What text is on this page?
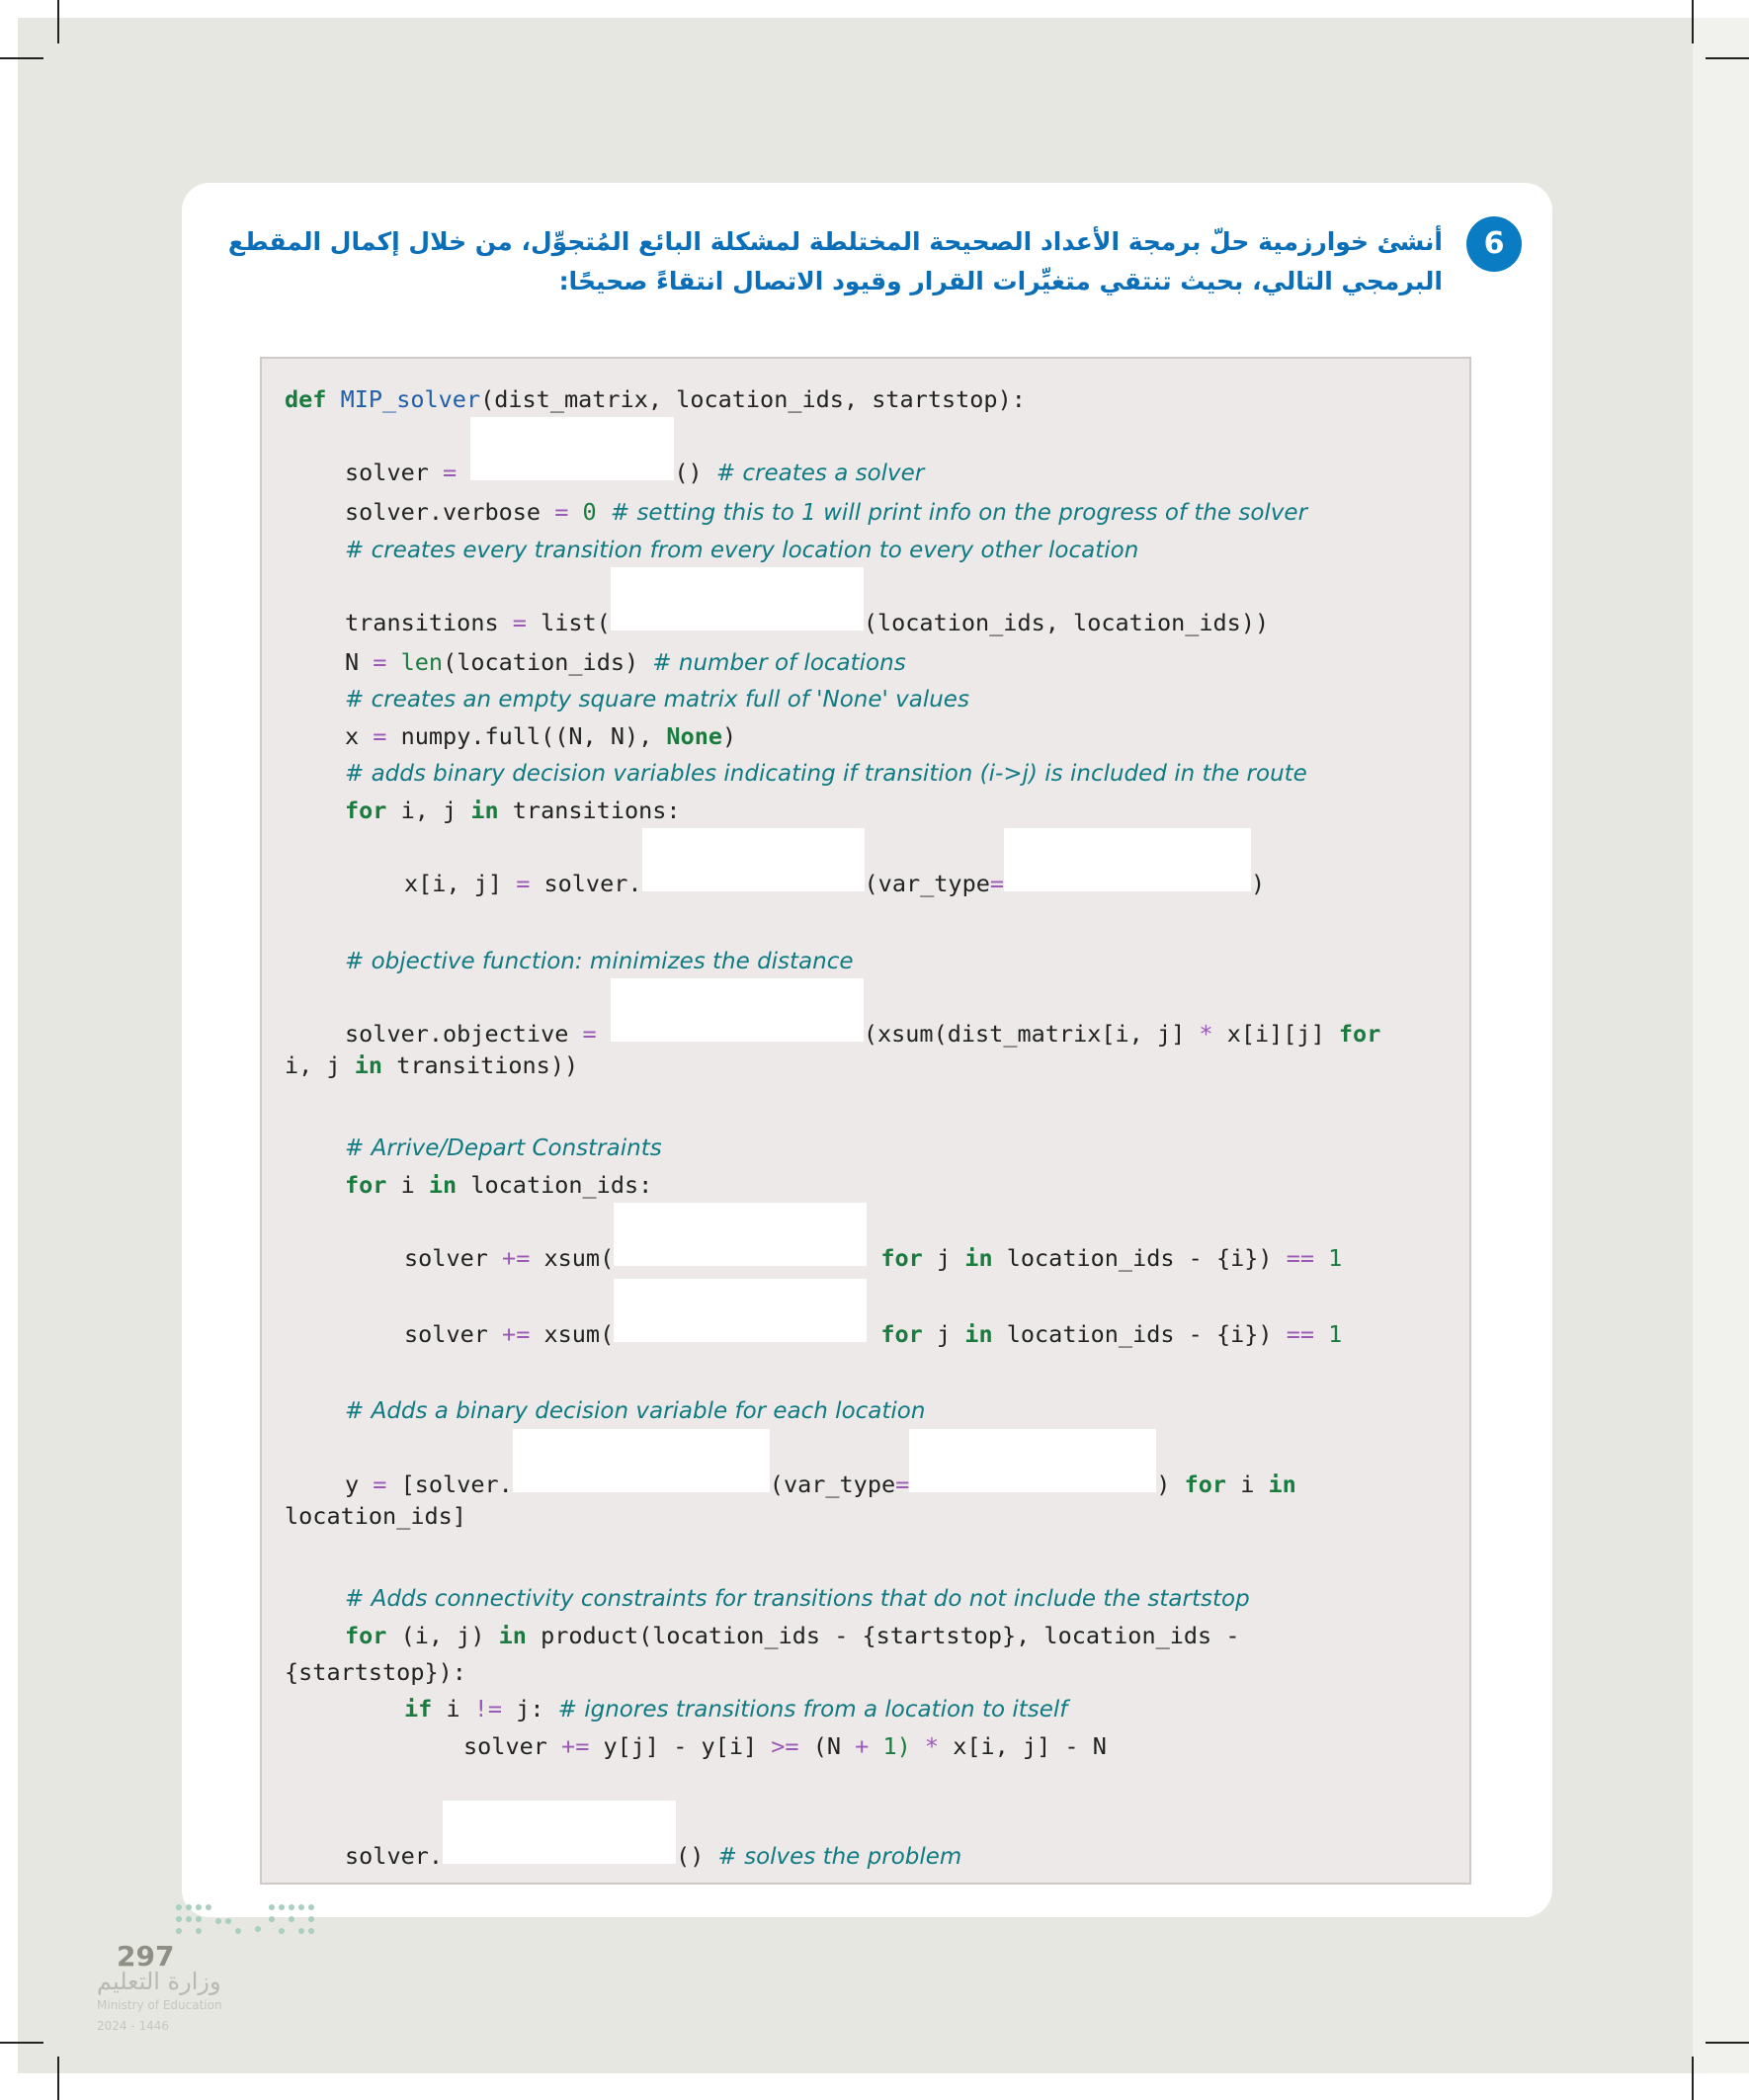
6
أنشئ خوارزمية حلّ برمجة الأعداد الصحيحة المختلطة لمشكلة البائع المُتجوِّل، من خلال إكمال المقطع البرمجي التالي، بحيث تنتقي متغيِّرات القرار وقيود الاتصال انتقاءً صحيحًا:
def MIP_solver(dist_matrix, location_ids, startstop):
solver =	() # creates a solver
solver.verbose = 0 # setting this to 1 will print info on the progress of the solver
# creates every transition from every location to every other location
transitions = list(	(location_ids, location_ids))
N = len(location_ids) # number of locations
# creates an empty square matrix full of 'None' values
x = numpy.full((N, N), None)
# adds binary decision variables indicating if transition (i->j) is included in the route
for i, j in transitions:
x[i, j] = solver.	(var_type=	)
# objective function: minimizes the distance
solver.objective =	(xsum(dist_matrix[i, j] * x[i][j] for
i, j in transitions))
# Arrive/Depart Constraints
for i in location_ids:
solver += xsum(	for j in location_ids - {i}) == 1
solver += xsum(	for j in location_ids - {i}) == 1
# Adds a binary decision variable for each location
y = [solver.	(var_type=	) for i in
location_ids]
# Adds connectivity constraints for transitions that do not include the startstop
for (i, j) in product(location_ids - {startstop}, location_ids -
{startstop}):
if i != j: # ignores transitions from a location to itself
solver += y[j] - y[i] >= (N + 1) * x[i, j] - N
solver.	() # solves the problem
297
وزارة التعليم
Ministry of Education
2024 - 1446
